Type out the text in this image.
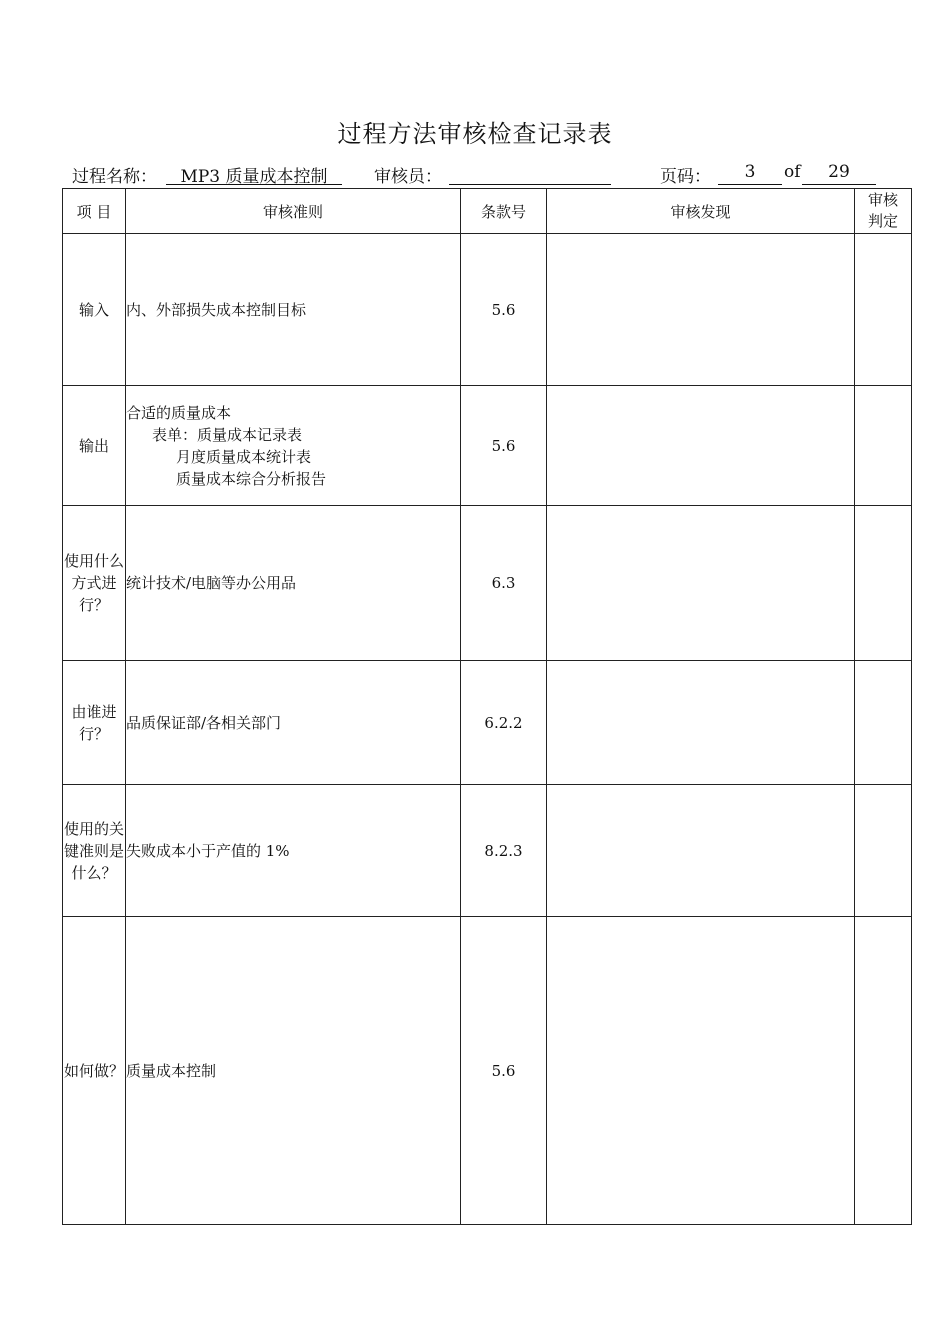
过程方法审核检查记录表
过程名称：	MP3 质量成本控制	审核员：	页码：	3	of	29
项 目	审核准则	条款号	审核发现	审核判定
输入	内、外部损失成本控制目标	5.6		
输出	合适的质量成本
表单：质量成本记录表
月度质量成本统计表
质量成本综合分析报告	5.6		
使用什么方式进行？	统计技术/电脑等办公用品	6.3		
由谁进行？	品质保证部/各相关部门	6.2.2		
使用的关键准则是什么？	失败成本小于产值的 1%	8.2.3		
如何做？	质量成本控制	5.6		
